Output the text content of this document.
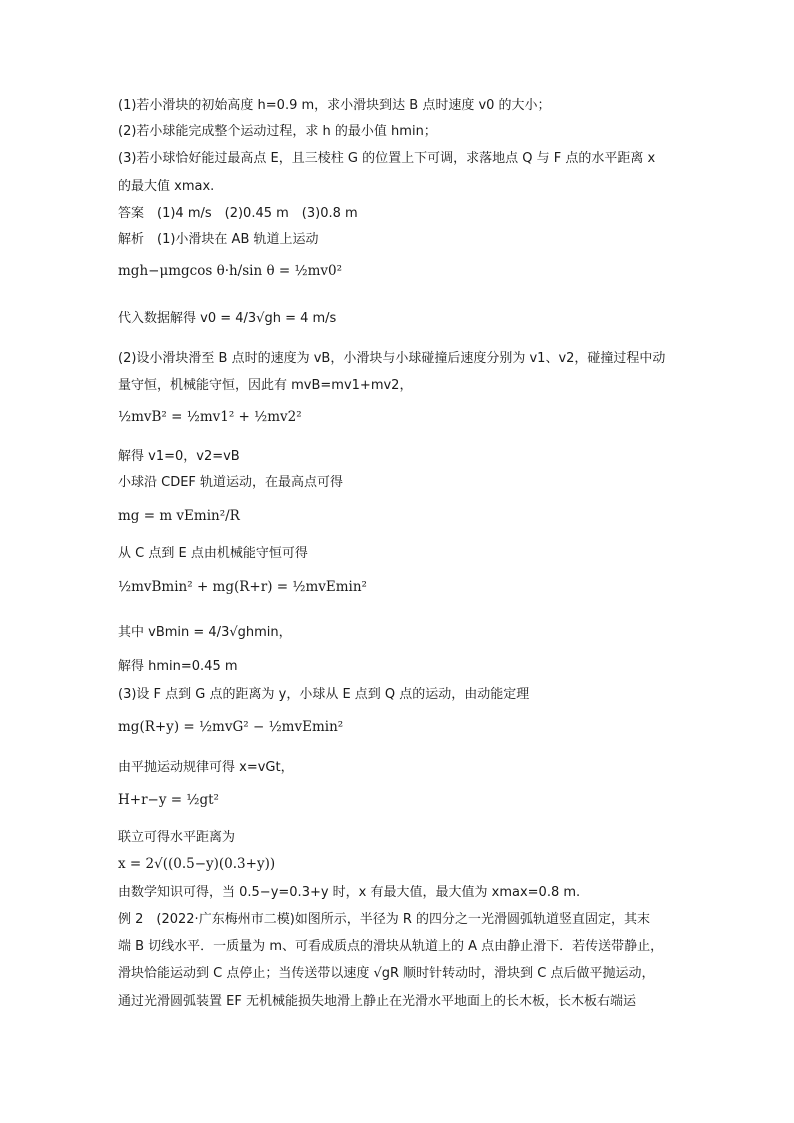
(1)若小滑块的初始高度 h=0.9 m，求小滑块到达 B 点时速度 v0 的大小；
(2)若小球能完成整个运动过程，求 h 的最小值 hmin；
(3)若小球恰好能过最高点 E，且三棱柱 G 的位置上下可调，求落地点 Q 与 F 点的水平距离 x
的最大值 xmax.
答案　(1)4 m/s　(2)0.45 m　(3)0.8 m
解析　(1)小滑块在 AB 轨道上运动
mgh−μmgcos θ·h/sin θ = ½mv0²
代入数据解得 v0 = 4/3√gh = 4 m/s
(2)设小滑块滑至 B 点时的速度为 vB，小滑块与小球碰撞后速度分别为 v1、v2，碰撞过程中动
量守恒，机械能守恒，因此有 mvB=mv1+mv2，
½mvB² = ½mv1² + ½mv2²
解得 v1=0，v2=vB
小球沿 CDEF 轨道运动，在最高点可得
mg = m vEmin²/R
从 C 点到 E 点由机械能守恒可得
½mvBmin² + mg(R+r) = ½mvEmin²
其中 vBmin = 4/3√ghmin，
解得 hmin=0.45 m
(3)设 F 点到 G 点的距离为 y，小球从 E 点到 Q 点的运动，由动能定理
mg(R+y) = ½mvG² − ½mvEmin²
由平抛运动规律可得 x=vGt，
H+r−y = ½gt²
联立可得水平距离为
x = 2√((0.5−y)(0.3+y))
由数学知识可得，当 0.5−y=0.3+y 时，x 有最大值，最大值为 xmax=0.8 m.
例 2　(2022·广东梅州市二模)如图所示，半径为 R 的四分之一光滑圆弧轨道竖直固定，其末
端 B 切线水平．一质量为 m、可看成质点的滑块从轨道上的 A 点由静止滑下．若传送带静止，
滑块恰能运动到 C 点停止；当传送带以速度 √gR 顺时针转动时，滑块到 C 点后做平抛运动，
通过光滑圆弧装置 EF 无机械能损失地滑上静止在光滑水平地面上的长木板，长木板右端运
